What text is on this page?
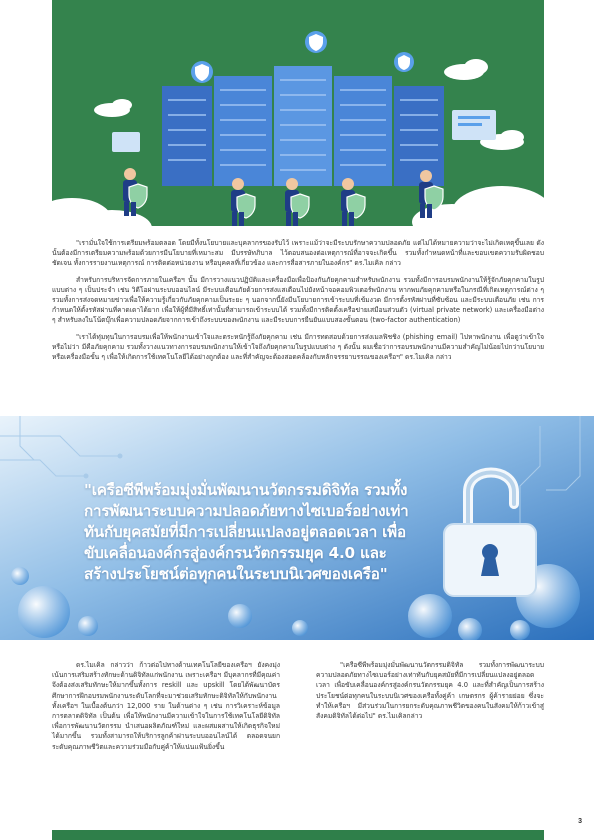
"เรามั่นใจใช้การเตรียมพร้อมตลอด โดยมีทั้งนโยบายและบุคลากรของรับไว้ เพราะแม้ว่าจะมีระบบรักษาความปลอดภัย แต่ไม่ได้หมายความว่าจะไม่เกิดเหตุขึ้นเลย ดังนั้นต้องมีการเตรียมความพร้อมด้วยการมีนโยบายที่เหมาะสม มีบรรษัทภิบาล ไว้ตอบสนองต่อเหตุการณ์ที่อาจจะเกิดขึ้น รวมทั้งกำหนดหน้าที่และขอบเขตความรับผิดชอบชัดเจน ทั้งการรายงานเหตุการณ์ การติดต่อหน่วยงาน หรือบุคคลที่เกี่ยวข้อง และการสื่อสารภายในองค์กร" ดร.ไมเคิล กล่าว

สำหรับการบริหารจัดการภายในเครือฯ นั้น มีการวางแนวปฏิบัติและเครื่องมือเพื่อป้องกันภัยคุกคามสำหรับพนักงาน รวมทั้งมีการอบรมพนักงานให้รู้จักภัยคุกคามในรูปแบบต่าง ๆ เป็นประจำ เช่น วิดีโอผ่านระบบออนไลน์ มีระบบเตือนภัยด้วยการส่งแสเตือนไปยังหน้าจอคอมพิวเตอร์พนักงาน หากพบภัยคุกคามหรือในกรณีที่เกิดเหตุการณ์ต่าง ๆ รวมทั้งการส่งจดหมายข่าวเพื่อให้ความรู้เกี่ยวกับภัยคุกคามเป็นระยะ ๆ นอกจากนี้ยังมีนโยบายการเข้าระบบที่เข้มงวด มีการตั้งรหัสผ่านที่ซับซ้อน และมีระบบเตือนภัย เช่น การกำหนดให้ตั้งรหัสผ่านที่คาดเดาได้ยาก เพื่อให้ผู้ที่มีสิทธิ์เท่านั้นที่สามารถเข้าระบบได้ รวมทั้งมีการติดตั้งเครือข่ายเสมือนส่วนตัว (virtual private network) และเครื่องมือต่าง ๆ สำหรับลงในโน้ตบุ๊กเพื่อความปลอดภัยจากการเข้าถึงระบบของพนักงาน และมีระบบการยืนยันแบบสองขั้นตอน (two-factor authentication)

"เราได้ทุ่มทุนในการอบรมเพื่อให้พนักงานเข้าใจและตระหนักรู้ถึงภัยคุกคาม เช่น มีการทดสอบด้วยการส่งเมลฟิชชิง (phishing email) ไปหาพนักงาน เพื่อดูว่าเข้าใจหรือไม่ว่า มีคือภัยคุกคาม รวมทั้งวางแนวทางการอบรมพนักงานให้เข้าใจถึงภัยคุกคามในรูปแบบต่าง ๆ ดังนั้น ผมเชื่อว่าการอบรมพนักงานมีความสำคัญไม่น้อยไปกว่านโยบายหรือเครื่องมือขั้น ๆ เพื่อให้เกิดการใช้เทคโนโลยีได้อย่างถูกต้อง และที่สำคัญจะต้องสอดคล้องกับหลักจรรยาบรรณของเครือฯ" ดร.ไมเคิล กล่าว

"เครือซีพีพร้อมมุ่งมั่นพัฒนานวัตกรรมดิจิทัล รวมทั้งการพัฒนาระบบความปลอดภัยทางไซเบอร์อย่างเท่าทันกับยุคสมัยที่มีการเปลี่ยนแปลงอยู่ตลอดเวลา เพื่อขับเคลื่อนองค์กรสู่องค์กรนวัตกรรมยุค 4.0 และสร้างประโยชน์ต่อทุกคนในระบบนิเวศของเครือ"

ดร.ไมเคิล กล่าวว่า ก้าวต่อไปทางด้านเทคโนโลยีของเครือฯ ยังคงมุ่งเน้นการเสริมสร้างทักษะด้านดิจิทัลแก่พนักงาน เพราะเครือฯ มีบุคลากรที่มีคุณค่า จึงต้องส่งเสริมทักษะให้มากขึ้นทั้งการ reskill และ upskill โดยได้พัฒนาบัตรศึกษาการฝึกอบรมพนักงานระดับโลกที่จะมาช่วยเสริมทักษะดิจิทัลให้กับพนักงานทั้งเครือฯ ในเบื้องต้นกว่า 12,000 ราย ในด้านต่าง ๆ เช่น การวิเคราะห์ข้อมูล การตลาดดิจิทัล เป็นต้น เพื่อให้พนักงานมีความเข้าใจในการใช้เทคโนโลยีดิจิทัลเพื่อการพัฒนานวัตกรรม นำเสนอผลิตภัณฑ์ใหม่ และผสมผสานให้เกิดธุรกิจใหม่ได้มากขึ้น รวมทั้งสามารถให้บริการลูกค้าผ่านระบบออนไลน์ได้ ตลอดจนยกระดับคุณภาพชีวิตและความร่วมมือกับคู่ค้าให้แน่นแฟ้นยิ่งขึ้น

"เครือซีพีพร้อมมุ่งมั่นพัฒนานวัตกรรมดิจิทัล รวมทั้งการพัฒนาระบบความปลอดภัยทางไซเบอร์อย่างเท่าทันกับยุคสมัยที่มีการเปลี่ยนแปลงอยู่ตลอดเวลา เพื่อขับเคลื่อนองค์กรสู่องค์กรนวัตกรรมยุค 4.0 และที่สำคัญเป็นการสร้างประโยชน์ต่อทุกคนในระบบนิเวศของเครือทั้งคู่ค้า เกษตรกร ผู้ค้ารายย่อย ซึ่งจะทำให้เครือฯ มีส่วนร่วมในการยกระดับคุณภาพชีวิตของคนในสังคมให้ก้าวเข้าสู่สังคมดิจิทัลได้ต่อไป" ดร.ไมเคิลกล่าว

3
